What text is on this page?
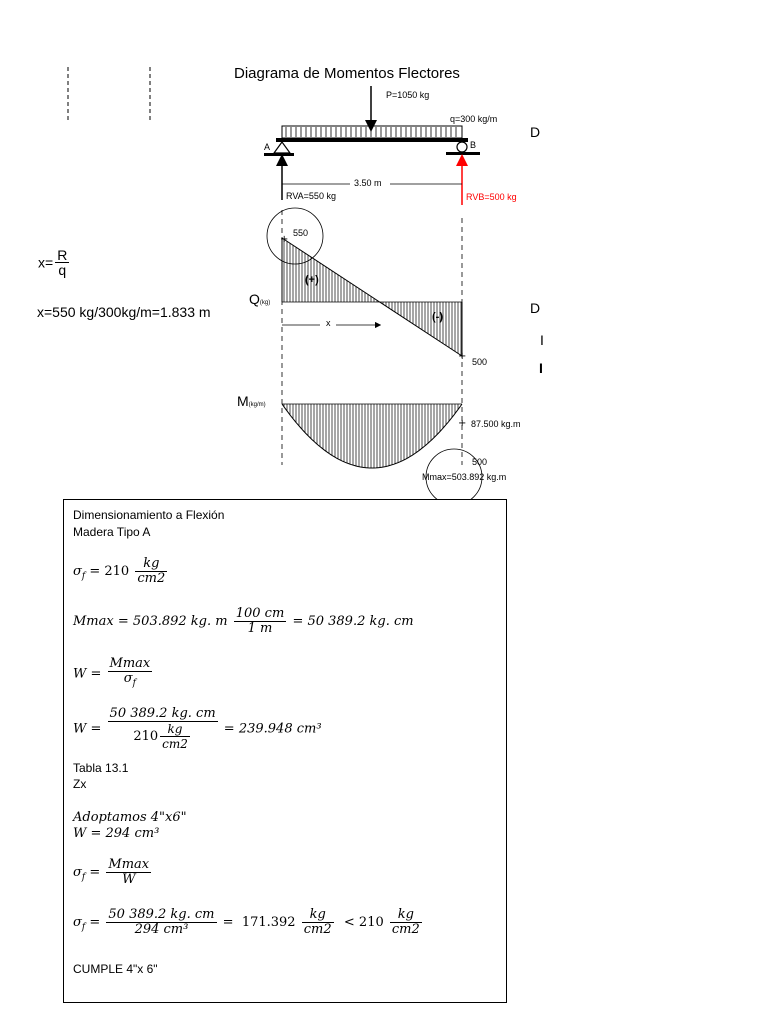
+
+
+
Diagrama de Momentos Flectores
P=1050 kg
q=300 kg/m
A	B
3.50 m
RVA=550 kg	RVB=500 kg
550
(+)
(-)
Q(kg)
x
500
M(kg/m)
87.500 kg.m
500
Mmax=503.892 kg.m
D
D
I
I
$x= \frac{R}{q}$
x=550 kg/300kg/m=1.833 m
Dimensionamiento a Flexión
Madera Tipo A
$\sigma_f = 210 \frac{kg}{cm2}$
Mmax = 503.892 kg. m $\frac{100 cm}{1 m} = 50$ 389.2 kg. cm
$W = \frac{Mmax}{\sigma_f}$
$W = \frac{50 389.2 kg. cm}{210 \frac{kg}{cm2}} = 239.948$ cm³
Tabla 13.1
Zx
Adoptamos 4"x6"
W = 294 cm³
$\sigma_f = \frac{Mmax}{W}$
$\sigma_f = \frac{50 389.2 kg. cm}{\text{294 cm³}} = 171.392 \frac{kg}{cm2} < 210 \frac{kg}{cm2}$
CUMPLE 4"x 6"
